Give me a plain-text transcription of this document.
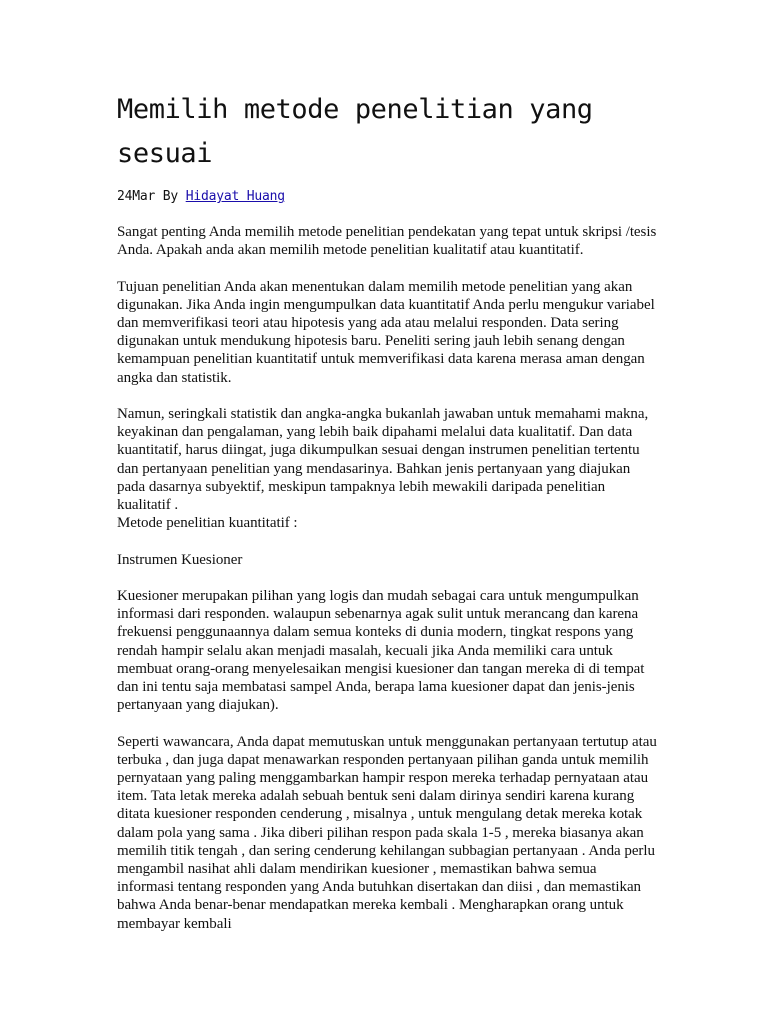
Memilih metode penelitian yang sesuai
24Mar By Hidayat Huang

Sangat penting Anda memilih metode penelitian pendekatan yang tepat untuk skripsi /tesis Anda. Apakah anda akan memilih metode penelitian kualitatif atau kuantitatif.

Tujuan penelitian Anda akan menentukan dalam memilih metode penelitian yang akan digunakan. Jika Anda ingin mengumpulkan data kuantitatif Anda perlu mengukur variabel dan memverifikasi teori atau hipotesis yang ada atau melalui responden. Data sering digunakan untuk mendukung hipotesis baru. Peneliti sering jauh lebih senang dengan kemampuan penelitian kuantitatif untuk memverifikasi data karena merasa aman dengan angka dan statistik.

Namun, seringkali statistik dan angka-angka bukanlah jawaban untuk memahami makna, keyakinan dan pengalaman, yang lebih baik dipahami melalui data kualitatif. Dan data kuantitatif, harus diingat, juga dikumpulkan sesuai dengan instrumen penelitian tertentu dan pertanyaan penelitian yang mendasarinya. Bahkan jenis pertanyaan yang diajukan pada dasarnya subyektif, meskipun tampaknya lebih mewakili daripada penelitian kualitatif .

Metode penelitian kuantitatif :

Instrumen Kuesioner

Kuesioner merupakan pilihan yang logis dan mudah sebagai cara untuk mengumpulkan informasi dari responden. walaupun sebenarnya agak sulit untuk merancang dan karena frekuensi penggunaannya dalam semua konteks di dunia modern, tingkat respons yang rendah hampir selalu akan menjadi masalah, kecuali jika Anda memiliki cara untuk membuat orang-orang menyelesaikan mengisi kuesioner dan tangan mereka di di tempat dan ini tentu saja membatasi sampel Anda, berapa lama kuesioner dapat dan jenis-jenis pertanyaan yang diajukan).

Seperti wawancara, Anda dapat memutuskan untuk menggunakan pertanyaan tertutup atau terbuka , dan juga dapat menawarkan responden pertanyaan pilihan ganda untuk memilih pernyataan yang paling menggambarkan hampir respon mereka terhadap pernyataan atau item. Tata letak mereka adalah sebuah bentuk seni dalam dirinya sendiri karena kurang ditata kuesioner responden cenderung , misalnya , untuk mengulang detak mereka kotak dalam pola yang sama . Jika diberi pilihan respon pada skala 1-5 , mereka biasanya akan memilih titik tengah , dan sering cenderung kehilangan subbagian pertanyaan . Anda perlu mengambil nasihat ahli dalam mendirikan kuesioner , memastikan bahwa semua informasi tentang responden yang Anda butuhkan disertakan dan diisi , dan memastikan bahwa Anda benar-benar mendapatkan mereka kembali . Mengharapkan orang untuk membayar kembali
